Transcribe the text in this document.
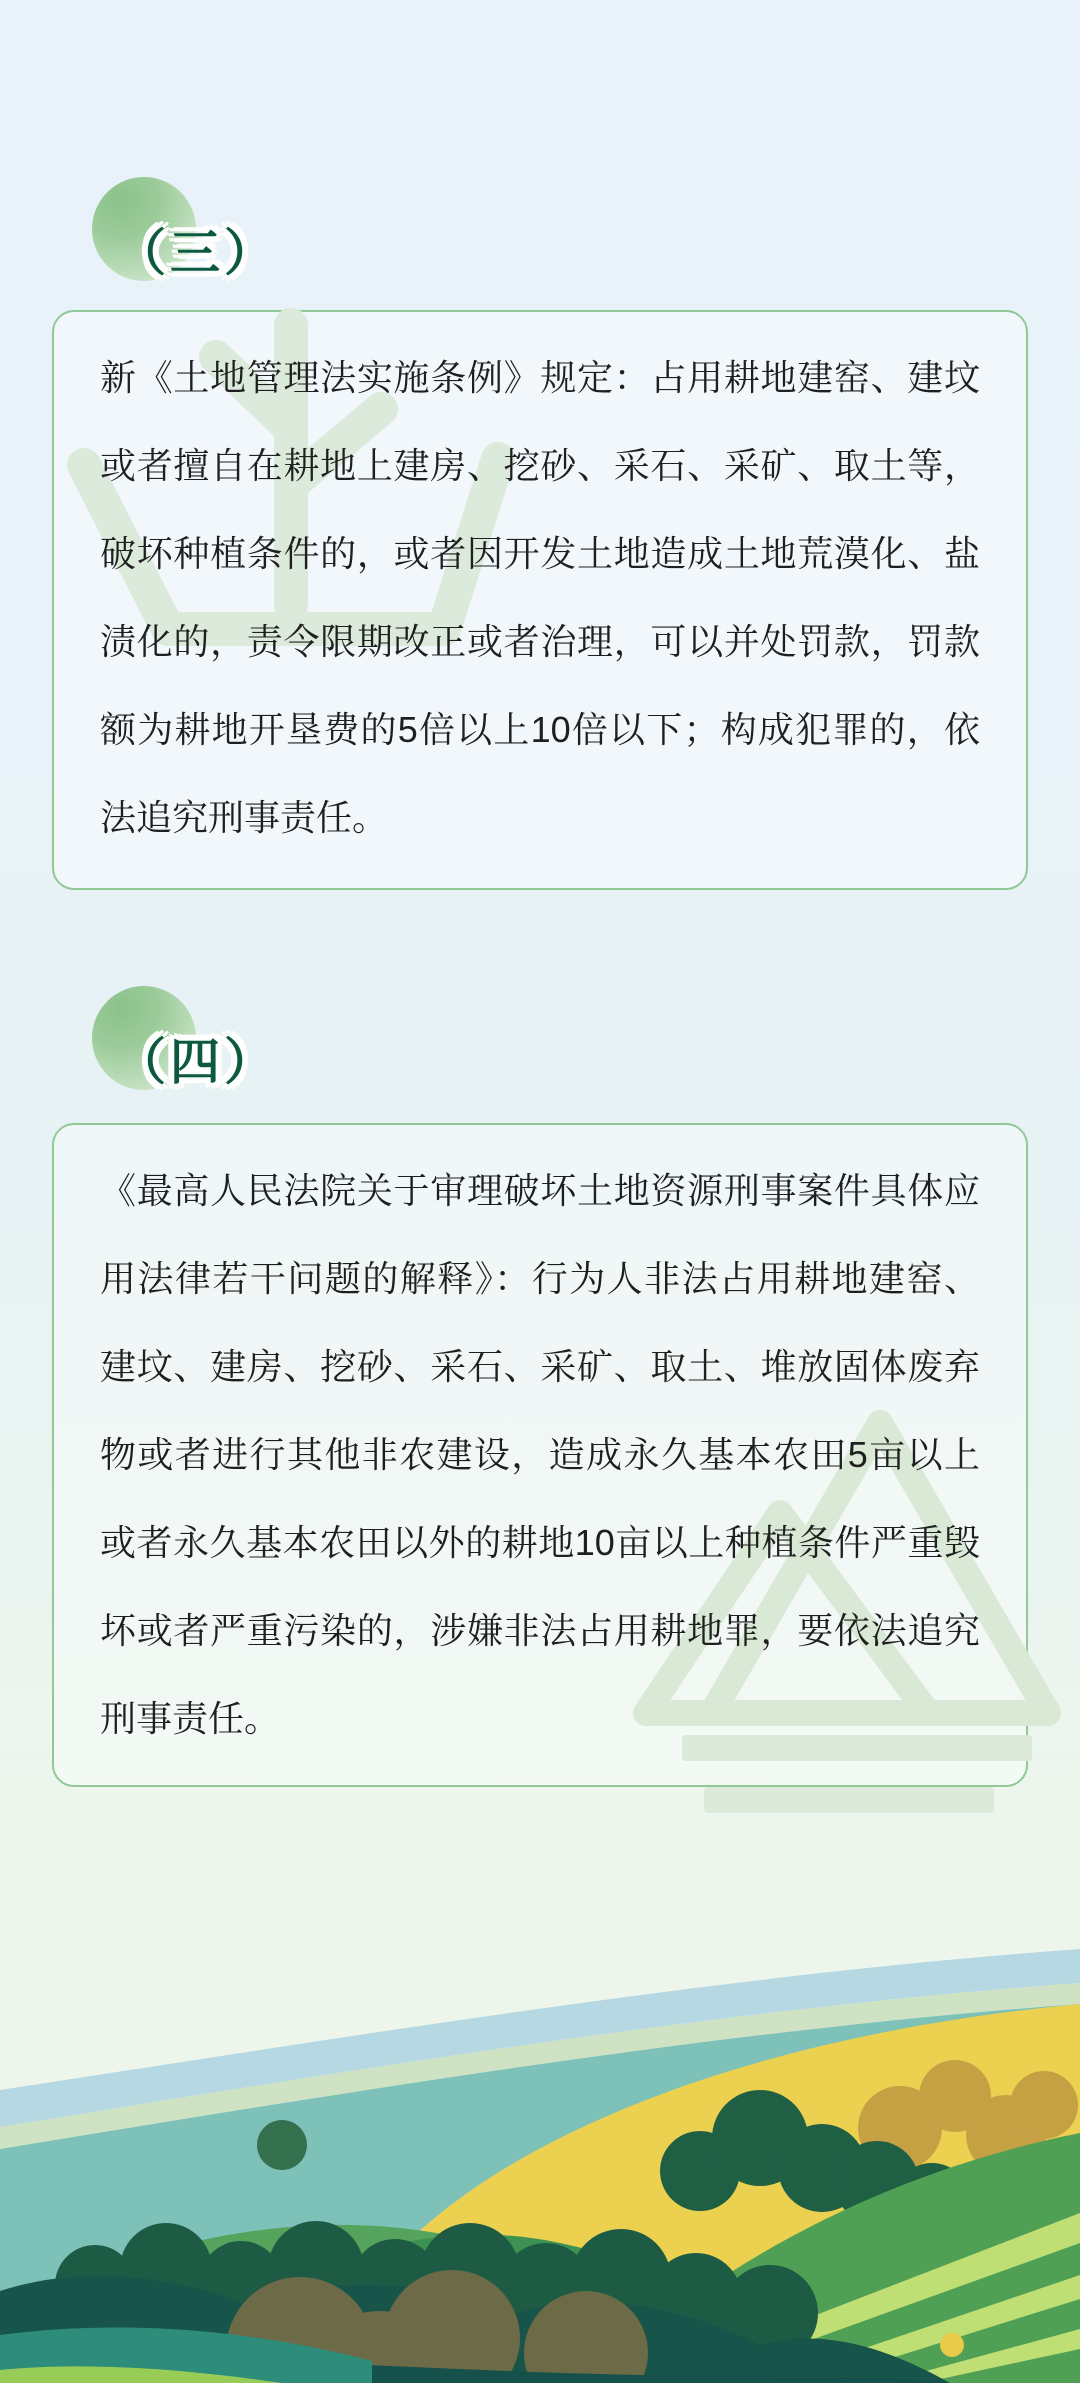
（三）

新《土地管理法实施条例》规定：占用耕地建窑、建坟或者擅自在耕地上建房、挖砂、采石、采矿、取土等，破坏种植条件的，或者因开发土地造成土地荒漠化、盐渍化的，责令限期改正或者治理，可以并处罚款，罚款额为耕地开垦费的5倍以上10倍以下；构成犯罪的，依法追究刑事责任。

（四）

《最高人民法院关于审理破坏土地资源刑事案件具体应用法律若干问题的解释》：行为人非法占用耕地建窑、建坟、建房、挖砂、采石、采矿、取土、堆放固体废弃物或者进行其他非农建设，造成永久基本农田5亩以上或者永久基本农田以外的耕地10亩以上种植条件严重毁坏或者严重污染的，涉嫌非法占用耕地罪，要依法追究刑事责任。
